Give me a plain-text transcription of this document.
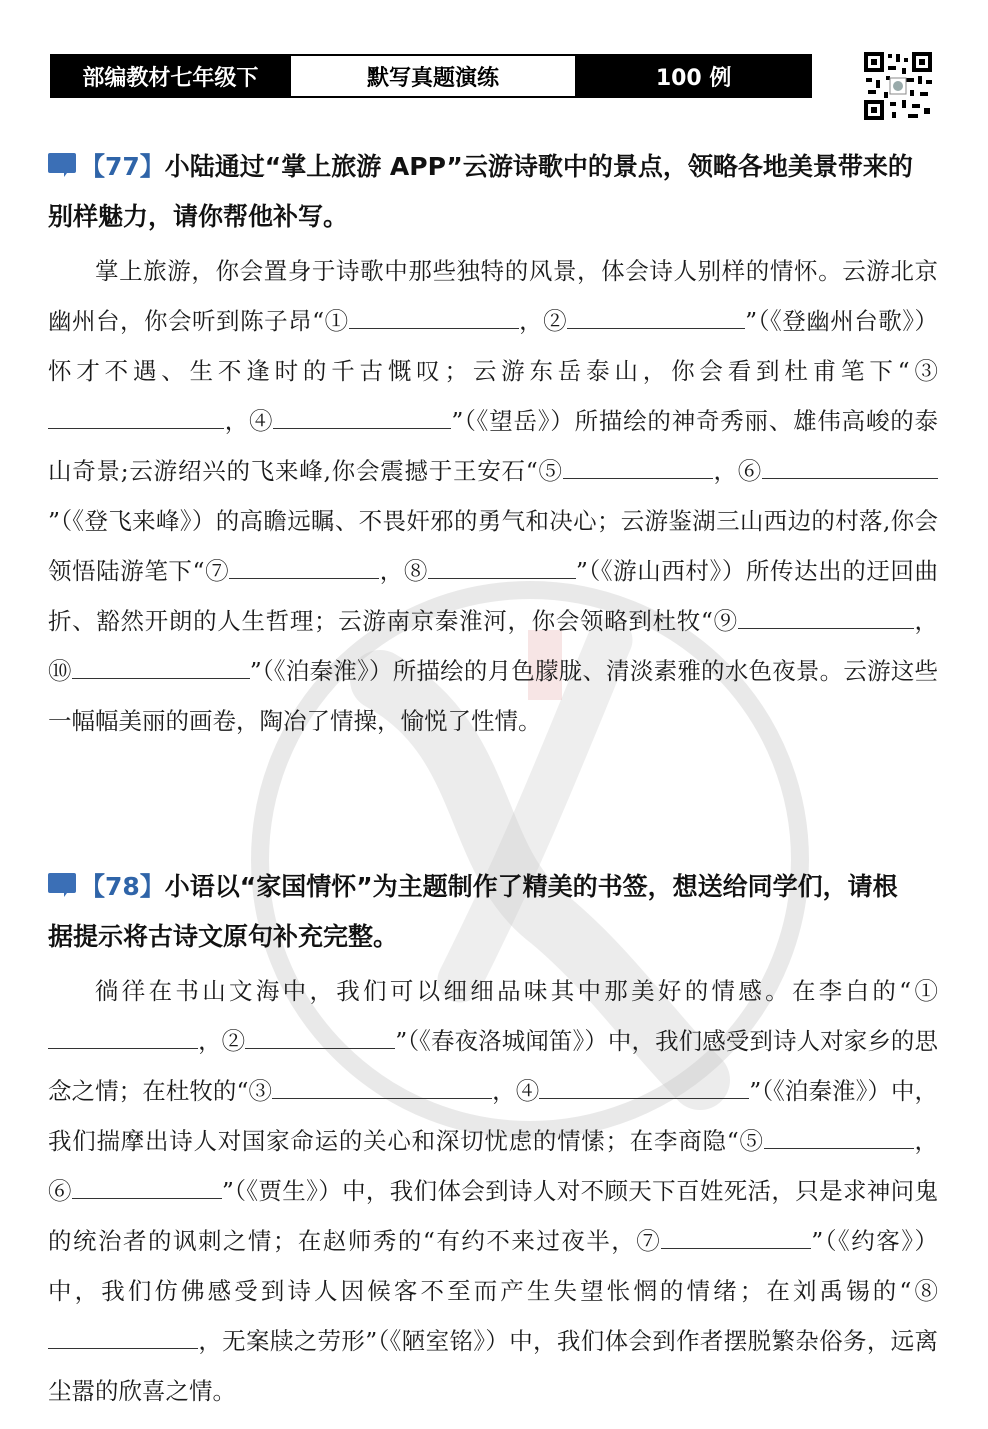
部编教材七年级下	默写真题演练	100 例
【77】小陆通过“掌上旅游 APP”云游诗歌中的景点，领略各地美景带来的
别样魅力，请你帮他补写。

掌上旅游，你会置身于诗歌中那些独特的风景，体会诗人别样的情怀。云游北京幽州台，你会听到陈子昂“①	，②	”（《登幽州台歌》）怀才不遇、生不逢时的千古慨叹；云游东岳泰山，你会看到杜甫笔下“③，④	”（《望岳》）所描绘的神奇秀丽、雄伟高峻的泰山奇景;云游绍兴的飞来峰,你会震撼于王安石“⑤	，⑥”（《登飞来峰》）的高瞻远瞩、不畏奸邪的勇气和决心；云游鉴湖三山西边的村落,你会领悟陆游笔下“⑦	，⑧	”（《游山西村》）所传达出的迂回曲折、豁然开朗的人生哲理；云游南京秦淮河，你会领略到杜牧“⑨	，⑩	”（《泊秦淮》）所描绘的月色朦胧、清淡素雅的水色夜景。云游这些一幅幅美丽的画卷，陶冶了情操，愉悦了性情。

【78】小语以“家国情怀”为主题制作了精美的书签，想送给同学们，请根
据提示将古诗文原句补充完整。

徜徉在书山文海中，我们可以细细品味其中那美好的情感。在李白的“①，②	”（《春夜洛城闻笛》）中，我们感受到诗人对家乡的思念之情；在杜牧的“③	，④	”（《泊秦淮》）中，我们揣摩出诗人对国家命运的关心和深切忧虑的情愫；在李商隐“⑤	，⑥	”（《贾生》）中，我们体会到诗人对不顾天下百姓死活，只是求神问鬼的统治者的讽刺之情；在赵师秀的“有约不来过夜半，⑦	”（《约客》）中，我们仿佛感受到诗人因候客不至而产生失望怅惘的情绪；在刘禹锡的“⑧，无案牍之劳形”（《陋室铭》）中，我们体会到作者摆脱繁杂俗务，远离尘嚣的欣喜之情。
